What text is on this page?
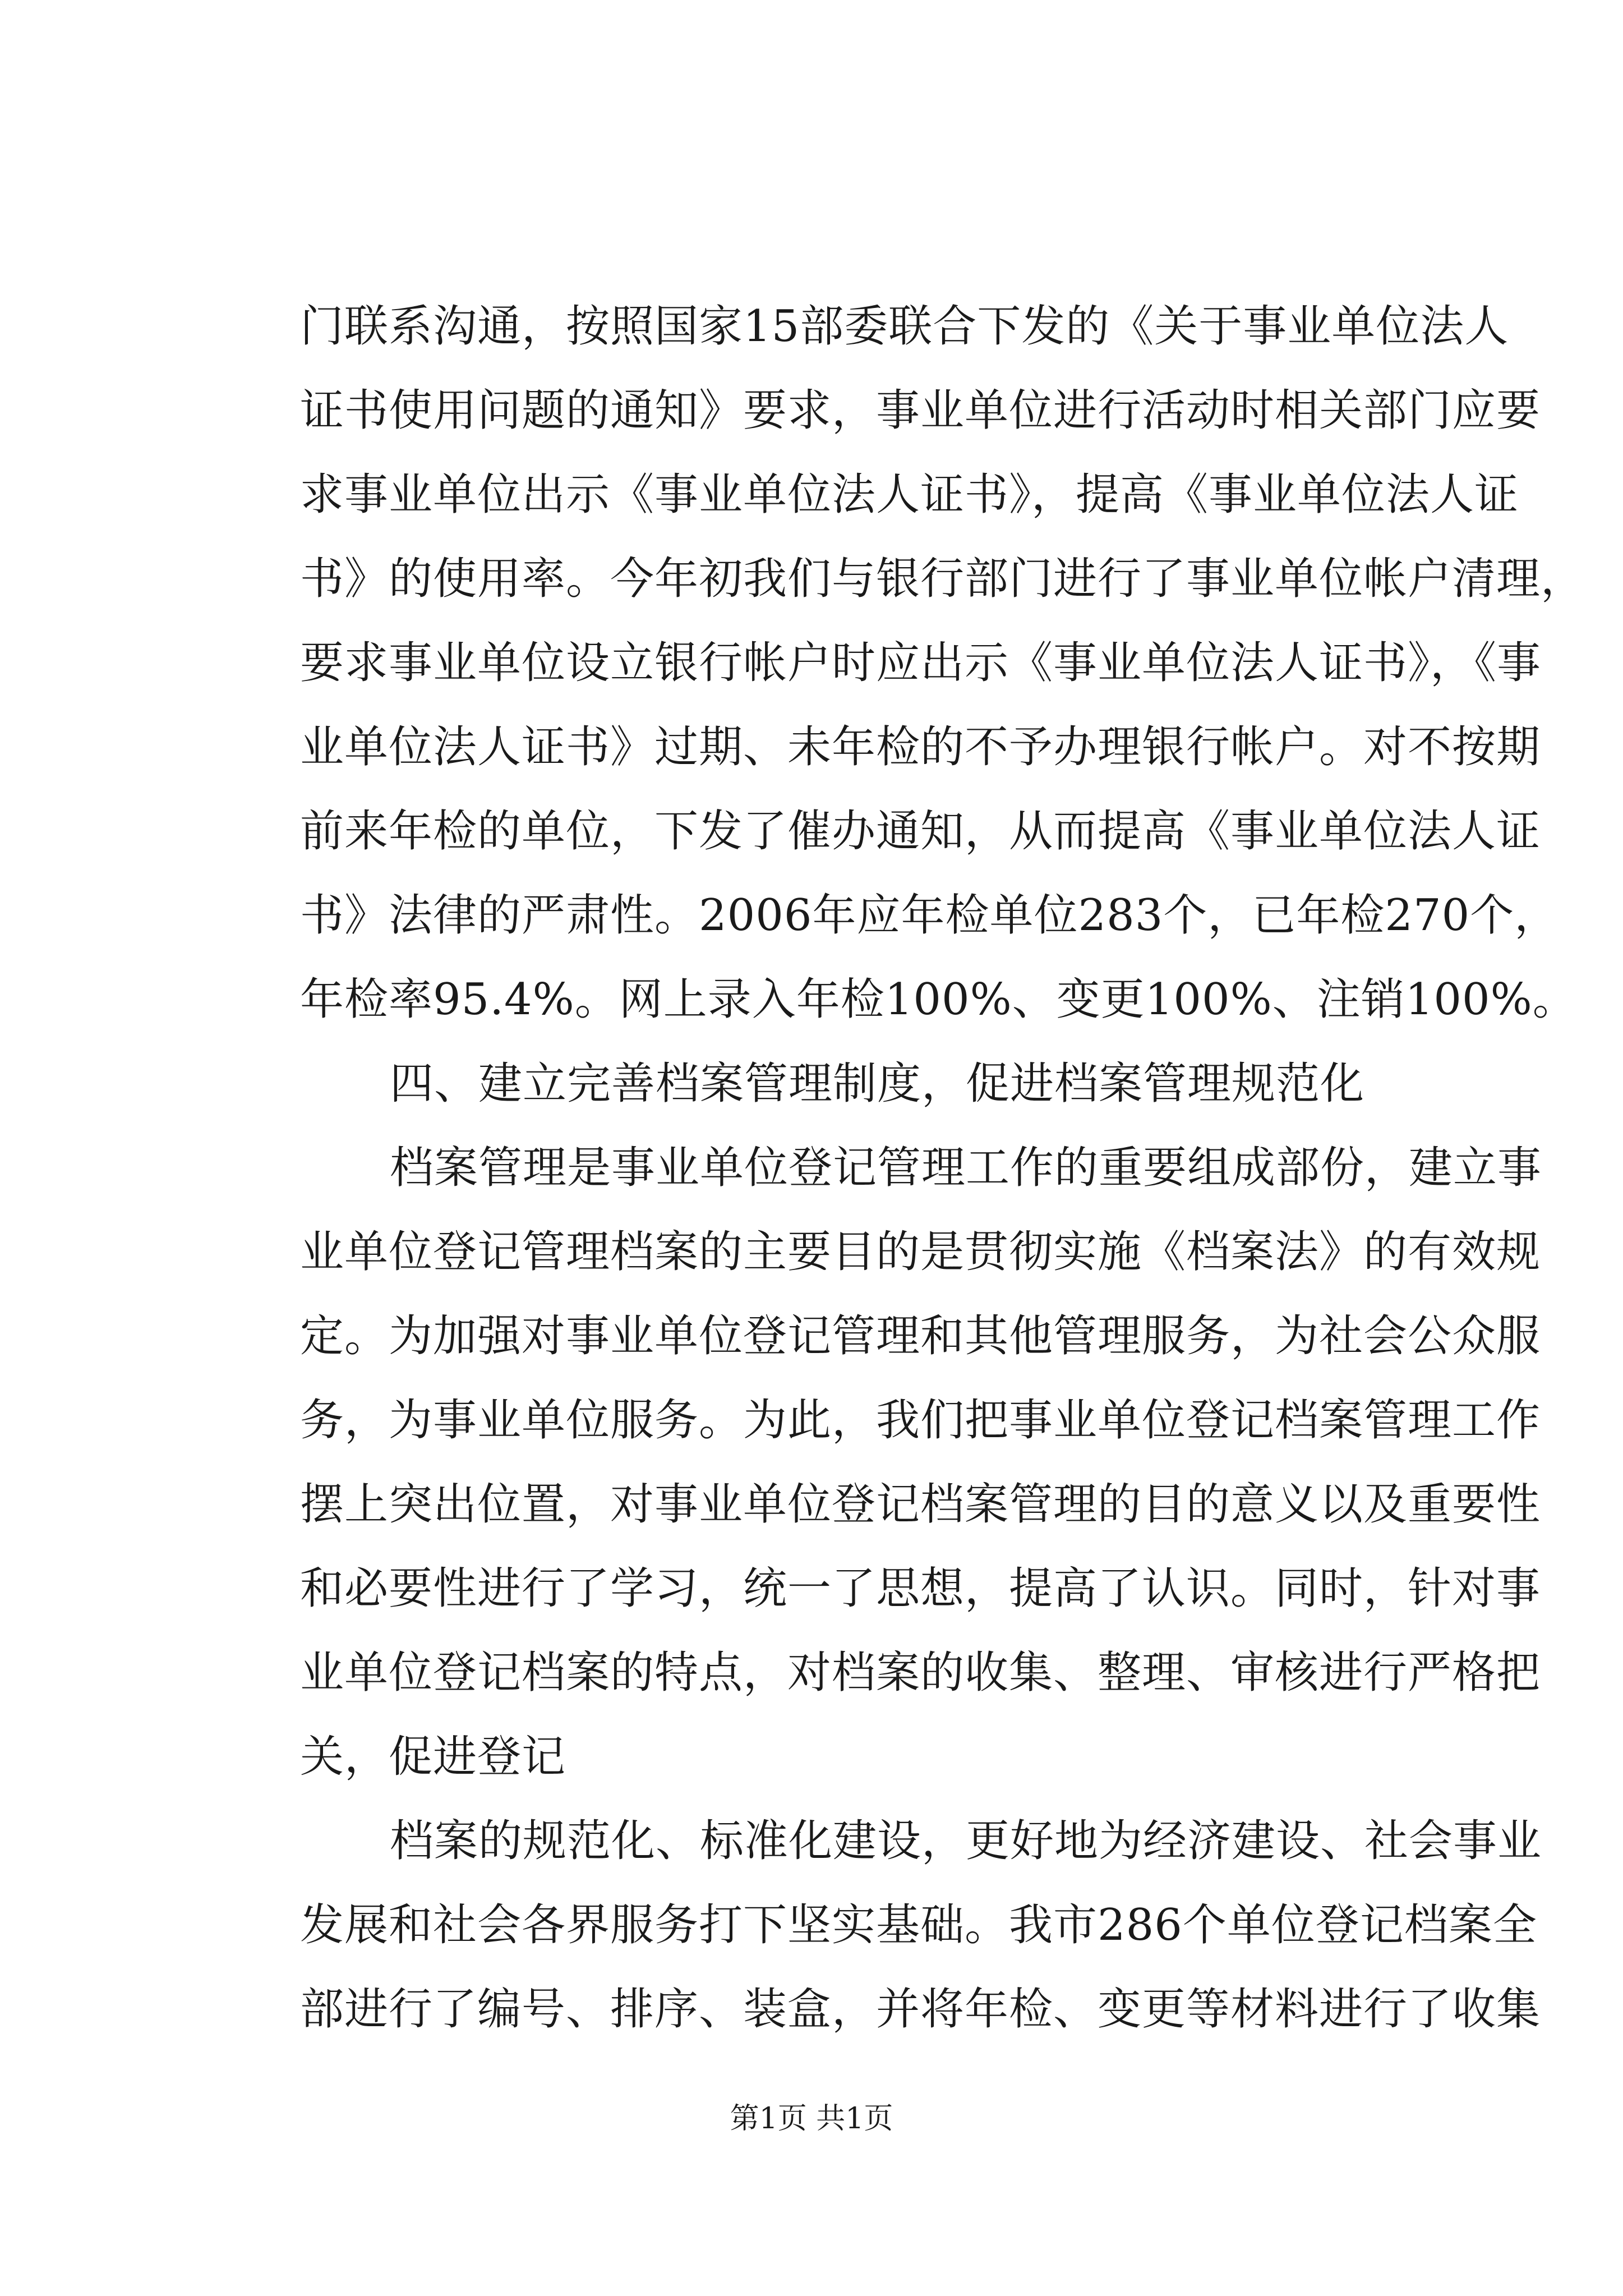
门联系沟通，按照国家15部委联合下发的《关于事业单位法人
证书使用问题的通知》要求，事业单位进行活动时相关部门应要
求事业单位出示《事业单位法人证书》，提高《事业单位法人证
书》的使用率。今年初我们与银行部门进行了事业单位帐户清理，
要求事业单位设立银行帐户时应出示《事业单位法人证书》，《事
业单位法人证书》过期、未年检的不予办理银行帐户。对不按期
前来年检的单位，下发了催办通知，从而提高《事业单位法人证
书》法律的严肃性。2006年应年检单位283个，已年检270个，
年检率95.4%。网上录入年检100%、变更100%、注销100%。
四、建立完善档案管理制度，促进档案管理规范化
档案管理是事业单位登记管理工作的重要组成部份，建立事
业单位登记管理档案的主要目的是贯彻实施《档案法》的有效规
定。为加强对事业单位登记管理和其他管理服务，为社会公众服
务，为事业单位服务。为此，我们把事业单位登记档案管理工作
摆上突出位置，对事业单位登记档案管理的目的意义以及重要性
和必要性进行了学习，统一了思想，提高了认识。同时，针对事
业单位登记档案的特点，对档案的收集、整理、审核进行严格把
关，促进登记
档案的规范化、标准化建设，更好地为经济建设、社会事业
发展和社会各界服务打下坚实基础。我市286个单位登记档案全
部进行了编号、排序、装盒，并将年检、变更等材料进行了收集
第1页 共1页
